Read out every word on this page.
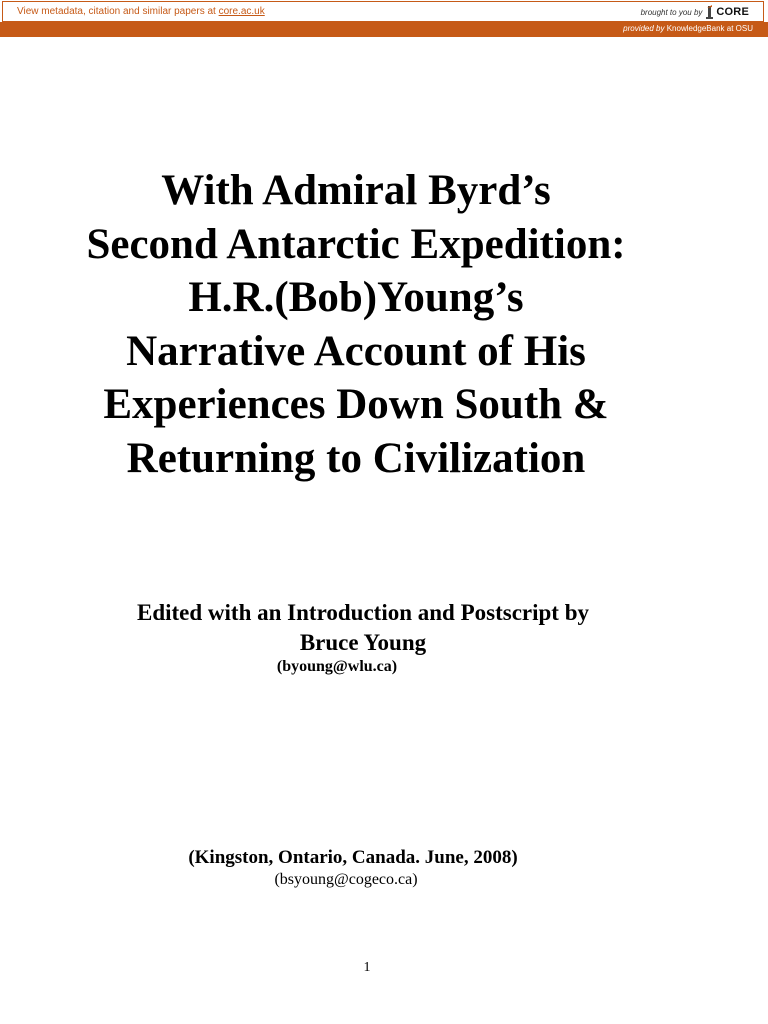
View metadata, citation and similar papers at core.ac.uk	brought to you by CORE
provided by KnowledgeBank at OSU
With Admiral Byrd’s
Second Antarctic Expedition:
H.R.(Bob)Young’s
Narrative Account of His
Experiences Down South &
Returning to Civilization
Edited with an Introduction and Postscript by
Bruce Young
(byoung@wlu.ca)
(Kingston, Ontario, Canada. June, 2008)
(bsyoung@cogeco.ca)
1
